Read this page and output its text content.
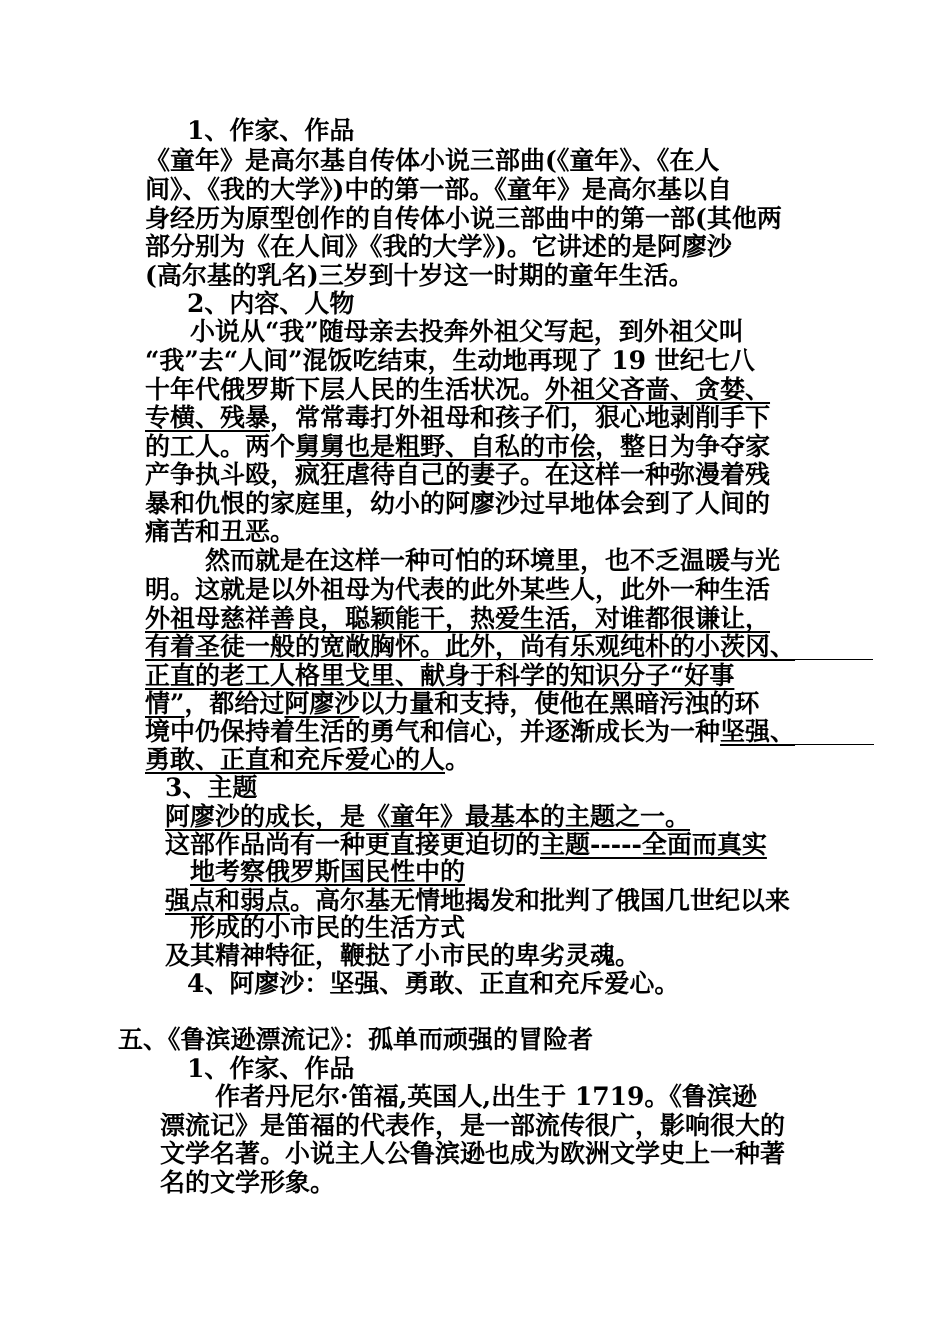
1、作家、作品
《童年》是高尔基自传体小说三部曲(《童年》、《在人
间》、《我的大学》)中的第一部。《童年》是高尔基以自
身经历为原型创作的自传体小说三部曲中的第一部(其他两
部分别为《在人间》《我的大学》)。它讲述的是阿廖沙
(高尔基的乳名)三岁到十岁这一时期的童年生活。
2、内容、人物
小说从“我”随母亲去投奔外祖父写起，到外祖父叫
“我”去“人间”混饭吃结束，生动地再现了 19 世纪七八
十年代俄罗斯下层人民的生活状况。外祖父吝啬、贪婪、
专横、残暴，常常毒打外祖母和孩子们，狠心地剥削手下
的工人。两个舅舅也是粗野、自私的市侩，整日为争夺家
产争执斗殴，疯狂虐待自己的妻子。在这样一种弥漫着残
暴和仇恨的家庭里，幼小的阿廖沙过早地体会到了人间的
痛苦和丑恶。
然而就是在这样一种可怕的环境里，也不乏温暖与光
明。这就是以外祖母为代表的此外某些人，此外一种生活
外祖母慈祥善良，聪颖能干，热爱生活，对谁都很谦让，
有着圣徒一般的宽敞胸怀。此外，尚有乐观纯朴的小茨冈、
正直的老工人格里戈里、献身于科学的知识分子“好事
情”，都给过阿廖沙以力量和支持，使他在黑暗污浊的环
境中仍保持着生活的勇气和信心，并逐渐成长为一种坚强、
勇敢、正直和充斥爱心的人。
3、主题
阿廖沙的成长，是《童年》最基本的主题之一。
这部作品尚有一种更直接更迫切的主题-----全面而真实
地考察俄罗斯国民性中的
强点和弱点。高尔基无情地揭发和批判了俄国几世纪以来
形成的小市民的生活方式
及其精神特征，鞭挞了小市民的卑劣灵魂。
4、阿廖沙：坚强、勇敢、正直和充斥爱心。
五、《鲁滨逊漂流记》：孤单而顽强的冒险者
1、作家、作品
作者丹尼尔·笛福,英国人,出生于 1719。《鲁滨逊
漂流记》是笛福的代表作，是一部流传很广，影响很大的
文学名著。小说主人公鲁滨逊也成为欧洲文学史上一种著
名的文学形象。
